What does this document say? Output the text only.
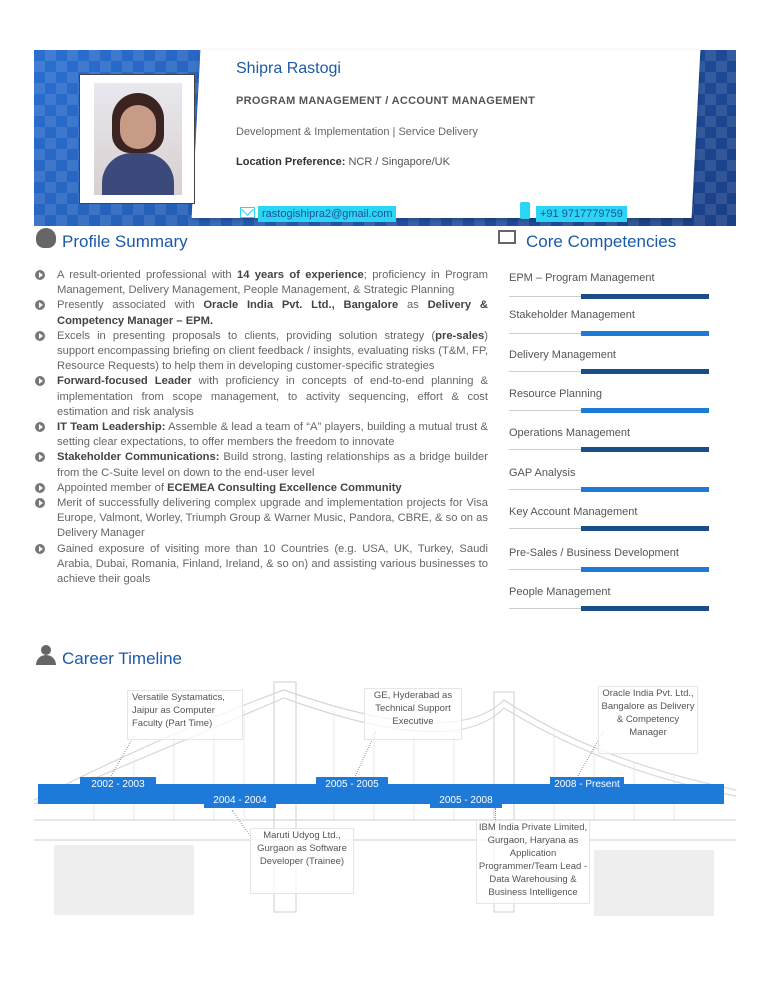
Shipra Rastogi
PROGRAM MANAGEMENT / ACCOUNT MANAGEMENT
Development & Implementation | Service Delivery
Location Preference: NCR / Singapore/UK
rastogishipra2@gmail.com	+91 9717779759
Profile Summary	Core Competencies
A result-oriented professional with 14 years of experience; proficiency in Program Management, Delivery Management, People Management, & Strategic Planning
Presently associated with Oracle India Pvt. Ltd., Bangalore as Delivery & Competency Manager – EPM.
Excels in presenting proposals to clients, providing solution strategy (pre-sales) support encompassing briefing on client feedback / insights, evaluating risks (T&M, FP, Resource Requests) to help them in developing customer-specific strategies
Forward-focused Leader with proficiency in concepts of end-to-end planning & implementation from scope management, to activity sequencing, effort & cost estimation and risk analysis
IT Team Leadership: Assemble & lead a team of “A” players, building a mutual trust & setting clear expectations, to offer members the freedom to innovate
Stakeholder Communications: Build strong, lasting relationships as a bridge builder from the C-Suite level on down to the end-user level
Appointed member of ECEMEA Consulting Excellence Community
Merit of successfully delivering complex upgrade and implementation projects for Visa Europe, Valmont, Worley, Triumph Group & Warner Music, Pandora, CBRE, & so on as Delivery Manager
Gained exposure of visiting more than 10 Countries (e.g. USA, UK, Turkey, Saudi Arabia, Dubai, Romania, Finland, Ireland, & so on) and assisting various businesses to achieve their goals
EPM – Program Management
Stakeholder Management
Delivery Management
Resource Planning
Operations Management
GAP Analysis
Key Account Management
Pre-Sales / Business Development
People Management
Career Timeline
2002 - 2003
2004 - 2004
2005 - 2005
2005 - 2008
2008 - Present
Versatile Systamatics, Jaipur as Computer Faculty (Part Time)
Maruti Udyog Ltd., Gurgaon as Software Developer (Trainee)
GE, Hyderabad as Technical Support Executive
IBM India Private Limited, Gurgaon, Haryana as Application Programmer/Team Lead - Data Warehousing & Business Intelligence
Oracle India Pvt. Ltd., Bangalore as Delivery & Competency Manager
